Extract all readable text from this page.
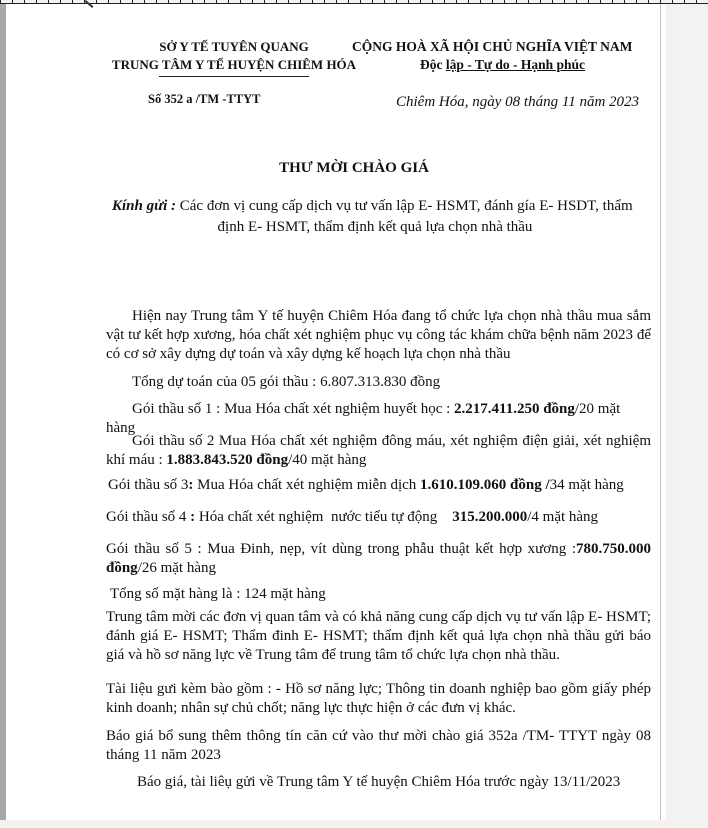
SỞ Y TẾ TUYÊN QUANG
TRUNG TÂM Y TẾ HUYỆN CHIÊM HÓA
CỘNG HOÀ XÃ HỘI CHỦ NGHĨA VIỆT NAM
Độc lập - Tự do - Hạnh phúc
Số 352 a /TM -TTYT	Chiêm Hóa, ngày 08 tháng 11 năm 2023
THƯ MỜI CHÀO GIÁ
Kính gửi : Các đơn vị cung cấp dịch vụ tư vấn lập E- HSMT, đánh gía E- HSDT, thẩm
định E- HSMT, thẩm định kết quả lựa chọn nhà thầu
Hiện nay Trung tâm Y tế huyện Chiêm Hóa đang tổ chức lựa chọn nhà thầu mua sắm vật tư kết hợp xương, hóa chất xét nghiệm phục vụ công tác khám chữa bệnh năm 2023 để có cơ sở xây dựng dự toán và xây dựng kế hoạch lựa chọn nhà thầu
Tổng dự toán của 05 gói thầu : 6.807.313.830 đồng
Gói thầu số 1 : Mua Hóa chất xét nghiệm huyết học : 2.217.411.250 đồng/20 mặt hàng
Gói thầu số 2 Mua Hóa chất xét nghiệm đông máu, xét nghiệm điện giải, xét nghiệm khí máu : 1.883.843.520 đồng/40 mặt hàng
Gói thầu số 3: Mua Hóa chất xét nghiệm miễn dịch 1.610.109.060 đồng /34 mặt hàng
Gói thầu số 4 : Hóa chất xét nghiệm  nước tiểu tự động    315.200.000/4 mặt hàng
Gói thầu số 5 : Mua Đinh, nẹp, vít dùng trong phẫu thuật kết hợp xương :780.750.000 đồng/26 mặt hàng
Tổng số mặt hàng là : 124 mặt hàng
Trung tâm mời các đơn vị quan tâm và có khả năng cung cấp dịch vụ tư vấn lập E- HSMT; đánh giá E- HSMT; Thẩm đinh E- HSMT; thẩm định kết quả lựa chọn nhà thầu gửi báo giá và hồ sơ năng lực về Trung tâm để trung tâm tổ chức lựa chọn nhà thầu.
Tài liệu gưi kèm bào gồm : - Hồ sơ năng lực; Thông tin doanh nghiệp bao gồm giấy phép kinh doanh; nhân sự chủ chốt; năng lực thực hiện ở các đưn vị khác.
Báo giá bổ sung thêm thông tín căn cứ vào thư mời chào giá 352a /TM- TTYT ngày 08 tháng 11 năm 2023
Báo giá, tài liêụ gửi về Trung tâm Y tế huyện Chiêm Hóa trước ngày 13/11/2023
